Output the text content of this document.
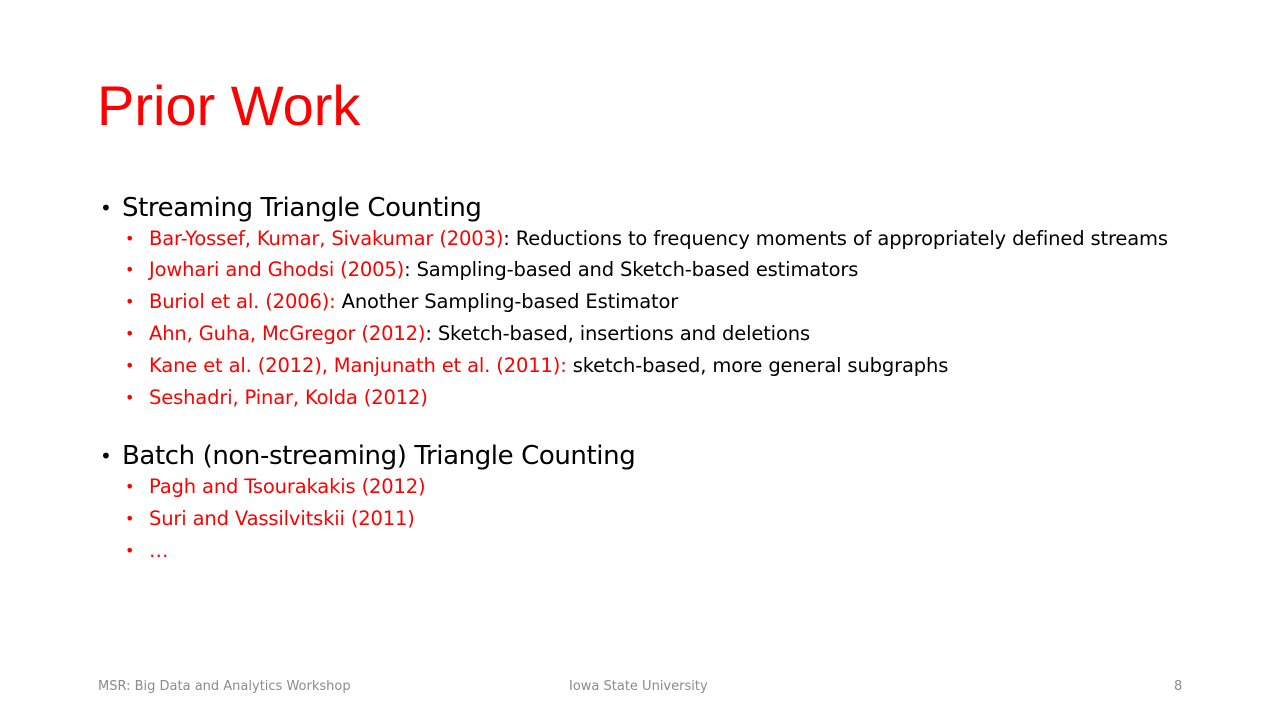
Prior Work
• Streaming Triangle Counting
• Bar-Yossef, Kumar, Sivakumar (2003): Reductions to frequency moments of appropriately defined streams
• Jowhari and Ghodsi (2005): Sampling-based and Sketch-based estimators
• Buriol et al. (2006): Another Sampling-based Estimator
• Ahn, Guha, McGregor (2012): Sketch-based, insertions and deletions
• Kane et al. (2012), Manjunath et al. (2011): sketch-based, more general subgraphs
• Seshadri, Pinar, Kolda (2012)
• Batch (non-streaming) Triangle Counting
• Pagh and Tsourakakis (2012)
• Suri and Vassilvitskii (2011)
• …
MSR: Big Data and Analytics Workshop	Iowa State University	8
